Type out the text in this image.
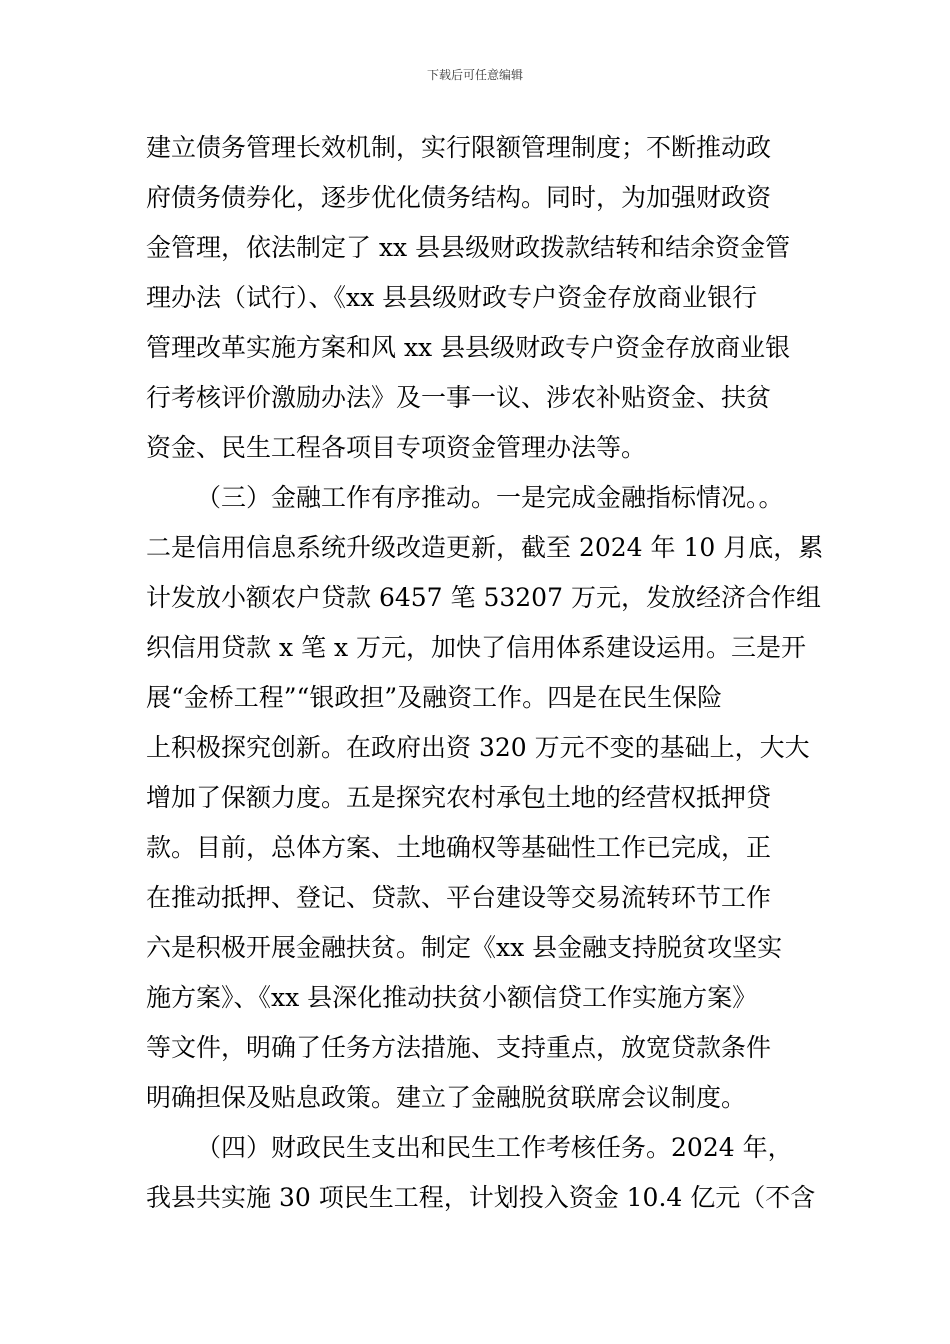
下载后可任意编辑
建立债务管理长效机制，实行限额管理制度；不断推动政
府债务债券化，逐步优化债务结构。同时，为加强财政资
金管理，依法制定了 xx 县县级财政拨款结转和结余资金管
理办法（试行）、《xx 县县级财政专户资金存放商业银行
管理改革实施方案和风 xx 县县级财政专户资金存放商业银
行考核评价激励办法》及一事一议、涉农补贴资金、扶贫
资金、民生工程各项目专项资金管理办法等。
（三）金融工作有序推动。一是完成金融指标情况。。
二是信用信息系统升级改造更新，截至 2024 年 10 月底，累
计发放小额农户贷款 6457 笔 53207 万元，发放经济合作组
织信用贷款 x 笔 x 万元，加快了信用体系建设运用。三是开
展“金桥工程”“银政担”及融资工作。四是在民生保险
上积极探究创新。在政府出资 320 万元不变的基础上，大大
增加了保额力度。五是探究农村承包土地的经营权抵押贷
款。目前，总体方案、土地确权等基础性工作已完成，正
在推动抵押、登记、贷款、平台建设等交易流转环节工作
六是积极开展金融扶贫。制定《xx 县金融支持脱贫攻坚实
施方案》、《xx 县深化推动扶贫小额信贷工作实施方案》
等文件，明确了任务方法措施、支持重点，放宽贷款条件
明确担保及贴息政策。建立了金融脱贫联席会议制度。
（四）财政民生支出和民生工作考核任务。2024 年，
我县共实施 30 项民生工程，计划投入资金 10.4 亿元（不含
